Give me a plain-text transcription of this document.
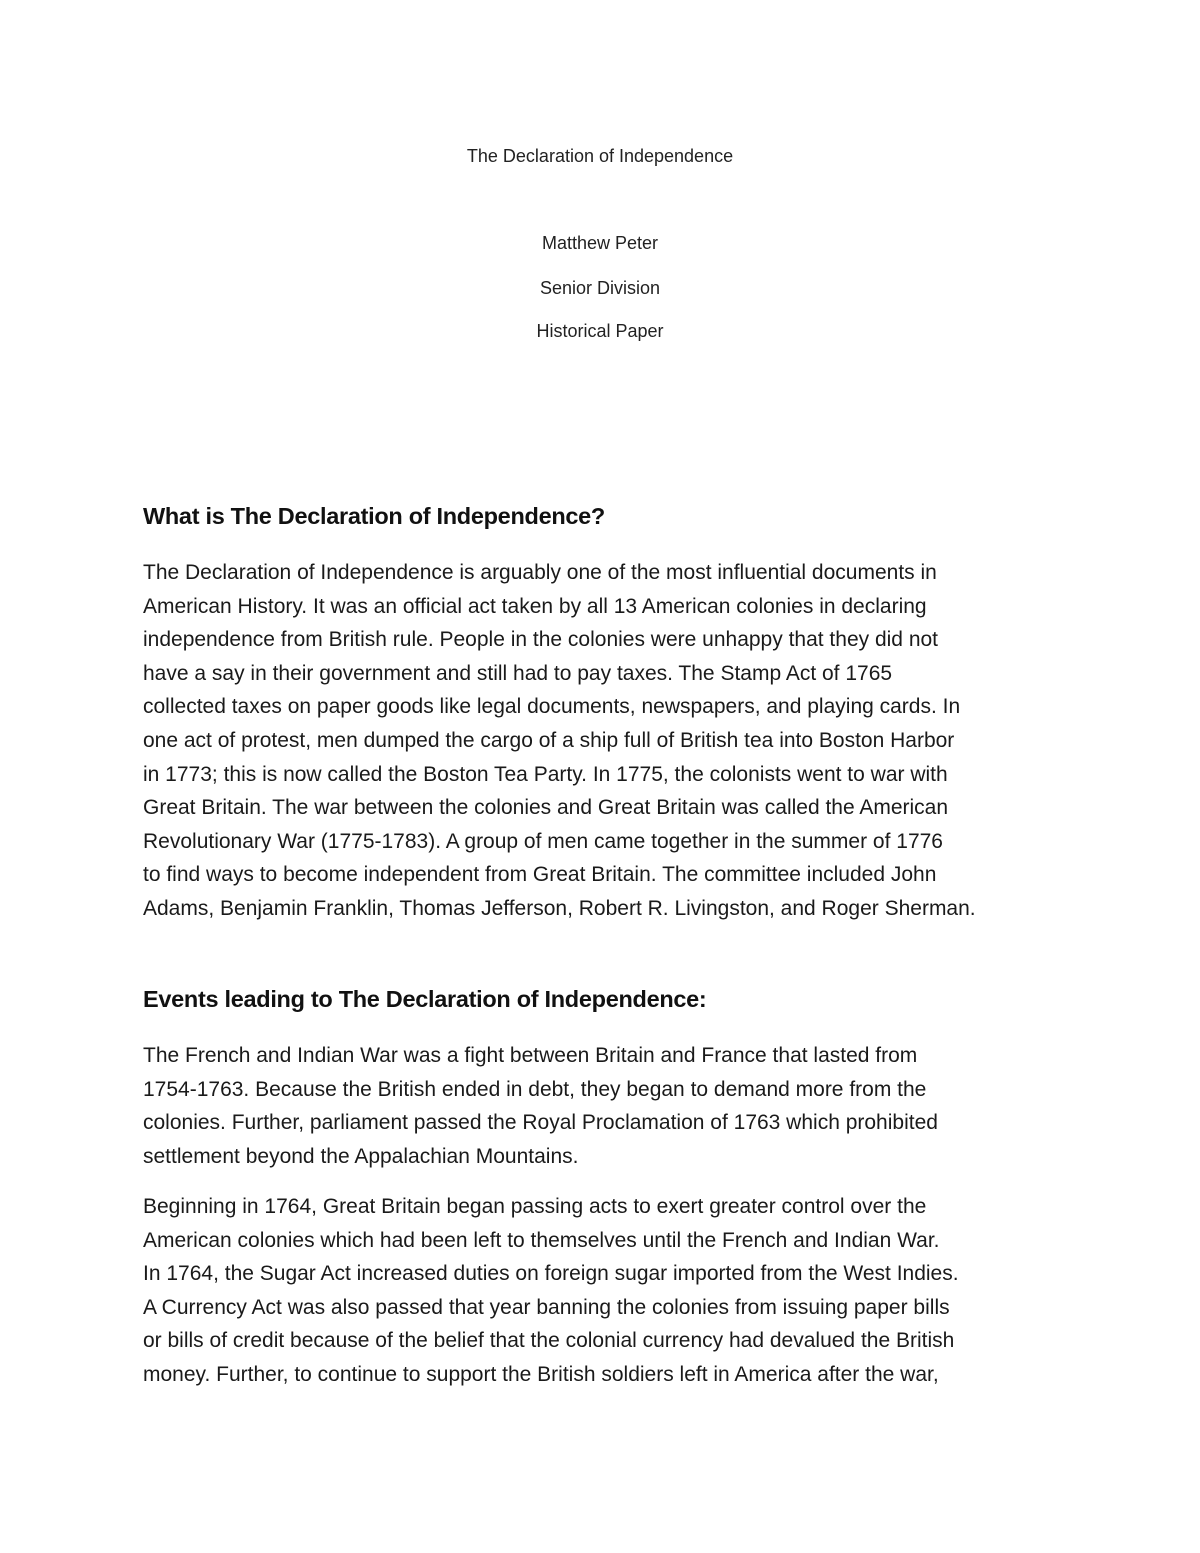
The Declaration of Independence
Matthew Peter
Senior Division
Historical Paper
What is The Declaration of Independence?
The Declaration of Independence is arguably one of the most influential documents in
American History. It was an official act taken by all 13 American colonies in declaring
independence from British rule. People in the colonies were unhappy that they did not
have a say in their government and still had to pay taxes. The Stamp Act of 1765
collected taxes on paper goods like legal documents, newspapers, and playing cards. In
one act of protest, men dumped the cargo of a ship full of British tea into Boston Harbor
in 1773; this is now called the Boston Tea Party. In 1775, the colonists went to war with
Great Britain. The war between the colonies and Great Britain was called the American
Revolutionary War (1775-1783). A group of men came together in the summer of 1776
to find ways to become independent from Great Britain. The committee included John
Adams, Benjamin Franklin, Thomas Jefferson, Robert R. Livingston, and Roger Sherman.
Events leading to The Declaration of Independence:
The French and Indian War was a fight between Britain and France that lasted from
1754-1763. Because the British ended in debt, they began to demand more from the
colonies. Further, parliament passed the Royal Proclamation of 1763 which prohibited
settlement beyond the Appalachian Mountains.
Beginning in 1764, Great Britain began passing acts to exert greater control over the
American colonies which had been left to themselves until the French and Indian War.
In 1764, the Sugar Act increased duties on foreign sugar imported from the West Indies.
A Currency Act was also passed that year banning the colonies from issuing paper bills
or bills of credit because of the belief that the colonial currency had devalued the British
money. Further, to continue to support the British soldiers left in America after the war,
